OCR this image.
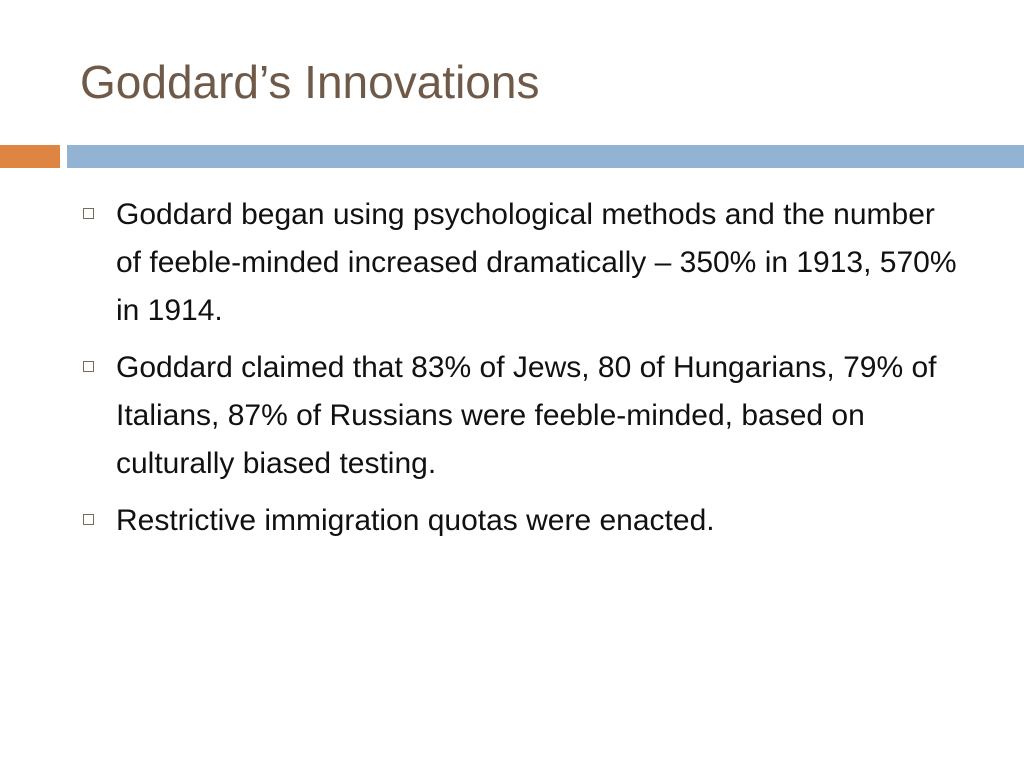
Goddard’s Innovations
Goddard began using psychological methods and the number of feeble-minded increased dramatically – 350% in 1913, 570% in 1914.
Goddard claimed that 83% of Jews, 80 of Hungarians, 79% of Italians, 87% of Russians were feeble-minded, based on culturally biased testing.
Restrictive immigration quotas were enacted.
